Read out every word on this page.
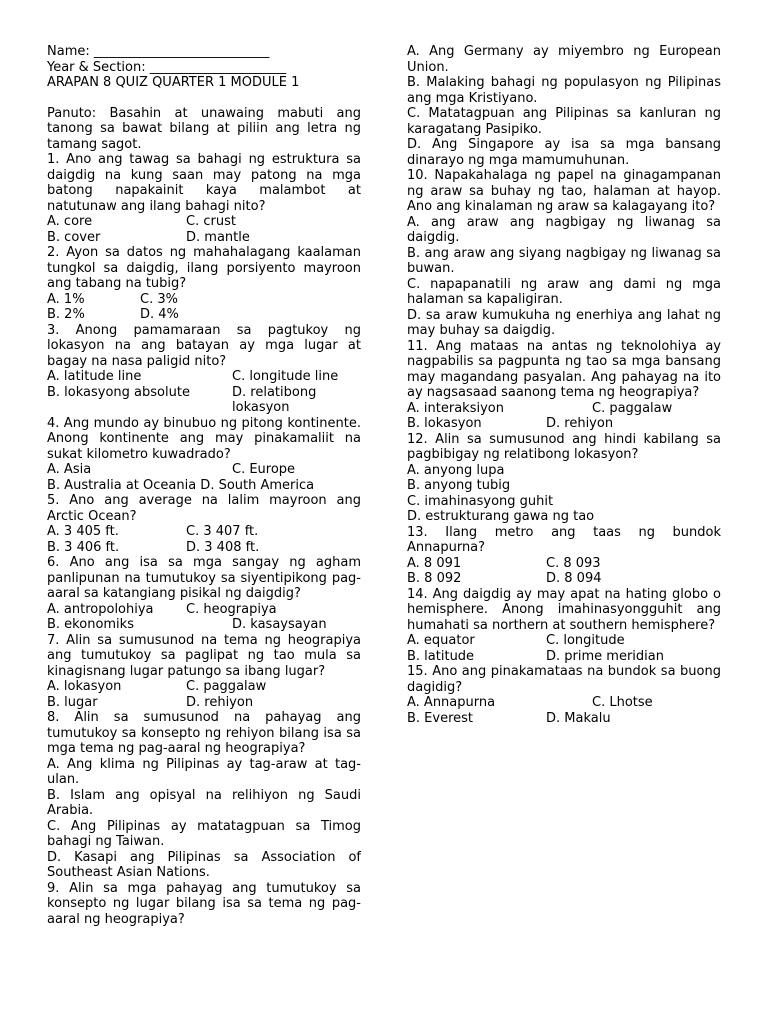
Name: ___________________________
Year & Section: _____________________
ARAPAN 8 QUIZ QUARTER 1 MODULE 1

Panuto: Basahin at unawaing mabuti ang tanong sa bawat bilang at piliin ang letra ng tamang sagot.

1. Ano ang tawag sa bahagi ng estruktura sa daigdig na kung saan may patong na mga batong napakainit kaya malambot at natutunaw ang ilang bahagi nito?

A. core	C. crust
B. cover	D. mantle

2. Ayon sa datos ng mahahalagang kaalaman tungkol sa daigdig, ilang porsiyento mayroon ang tabang na tubig?

A. 1%	C. 3%
B. 2%	D. 4%

3. Anong pamamaraan sa pagtukoy ng lokasyon na ang batayan ay mga lugar at bagay na nasa paligid nito?

A. latitude line	C. longitude line
B. lokasyong absolute	D. relatibong lokasyon

4. Ang mundo ay binubuo ng pitong kontinente. Anong kontinente ang may pinakamaliit na sukat kilometro kuwadrado?

A. Asia	C. Europe
B. Australia at Oceania D. South America

5. Ano ang average na lalim mayroon ang Arctic Ocean?

A. 3 405 ft.	C. 3 407 ft.
B. 3 406 ft.	D. 3 408 ft.

6. Ano ang isa sa mga sangay ng agham panlipunan na tumutukoy sa siyentipikong pag-aaral sa katangiang pisikal ng daigdig?

A. antropolohiya	C. heograpiya
B. ekonomiks	D. kasaysayan

7. Alin sa sumusunod na tema ng heograpiya ang tumutukoy sa paglipat ng tao mula sa kinagisnang lugar patungo sa ibang lugar?

A. lokasyon	C. paggalaw
B. lugar	D. rehiyon

8. Alin sa sumusunod na pahayag ang tumutukoy sa konsepto ng rehiyon bilang isa sa mga tema ng pag-aaral ng heograpiya?

A. Ang klima ng Pilipinas ay tag-araw at tag-ulan.

B. Islam ang opisyal na relihiyon ng Saudi Arabia.

C. Ang Pilipinas ay matatagpuan sa Timog bahagi ng Taiwan.

D. Kasapi ang Pilipinas sa Association of Southeast Asian Nations.

9. Alin sa mga pahayag ang tumutukoy sa konsepto ng lugar bilang isa sa tema ng pag-aaral ng heograpiya?

A. Ang Germany ay miyembro ng European Union.

B. Malaking bahagi ng populasyon ng Pilipinas ang mga Kristiyano.

C. Matatagpuan ang Pilipinas sa kanluran ng karagatang Pasipiko.

D. Ang Singapore ay isa sa mga bansang dinarayo ng mga mamumuhunan.

10. Napakahalaga ng papel na ginagampanan ng araw sa buhay ng tao, halaman at hayop. Ano ang kinalaman ng araw sa kalagayang ito?

A. ang araw ang nagbigay ng liwanag sa daigdig.

B. ang araw ang siyang nagbigay ng liwanag sa buwan.

C. napapanatili ng araw ang dami ng mga halaman sa kapaligiran.

D. sa araw kumukuha ng enerhiya ang lahat ng may buhay sa daigdig.

11. Ang mataas na antas ng teknolohiya ay nagpabilis sa pagpunta ng tao sa mga bansang may magandang pasyalan. Ang pahayag na ito ay nagsasaad saanong tema ng heograpiya?

A. interaksiyon	C. paggalaw
B. lokasyon	D. rehiyon

12. Alin sa sumusunod ang hindi kabilang sa pagbibigay ng relatibong lokasyon?

A. anyong lupa

B. anyong tubig

C. imahinasyong guhit

D. estrukturang gawa ng tao

13. Ilang metro ang taas ng bundok Annapurna?

A. 8 091	C. 8 093
B. 8 092	D. 8 094

14. Ang daigdig ay may apat na hating globo o hemisphere. Anong imahinasyongguhit ang humahati sa northern at southern hemisphere?

A. equator	C. longitude
B. latitude	D. prime meridian

15. Ano ang pinakamataas na bundok sa buong dagidig?

A. Annapurna	C. Lhotse
B. Everest	D. Makalu
